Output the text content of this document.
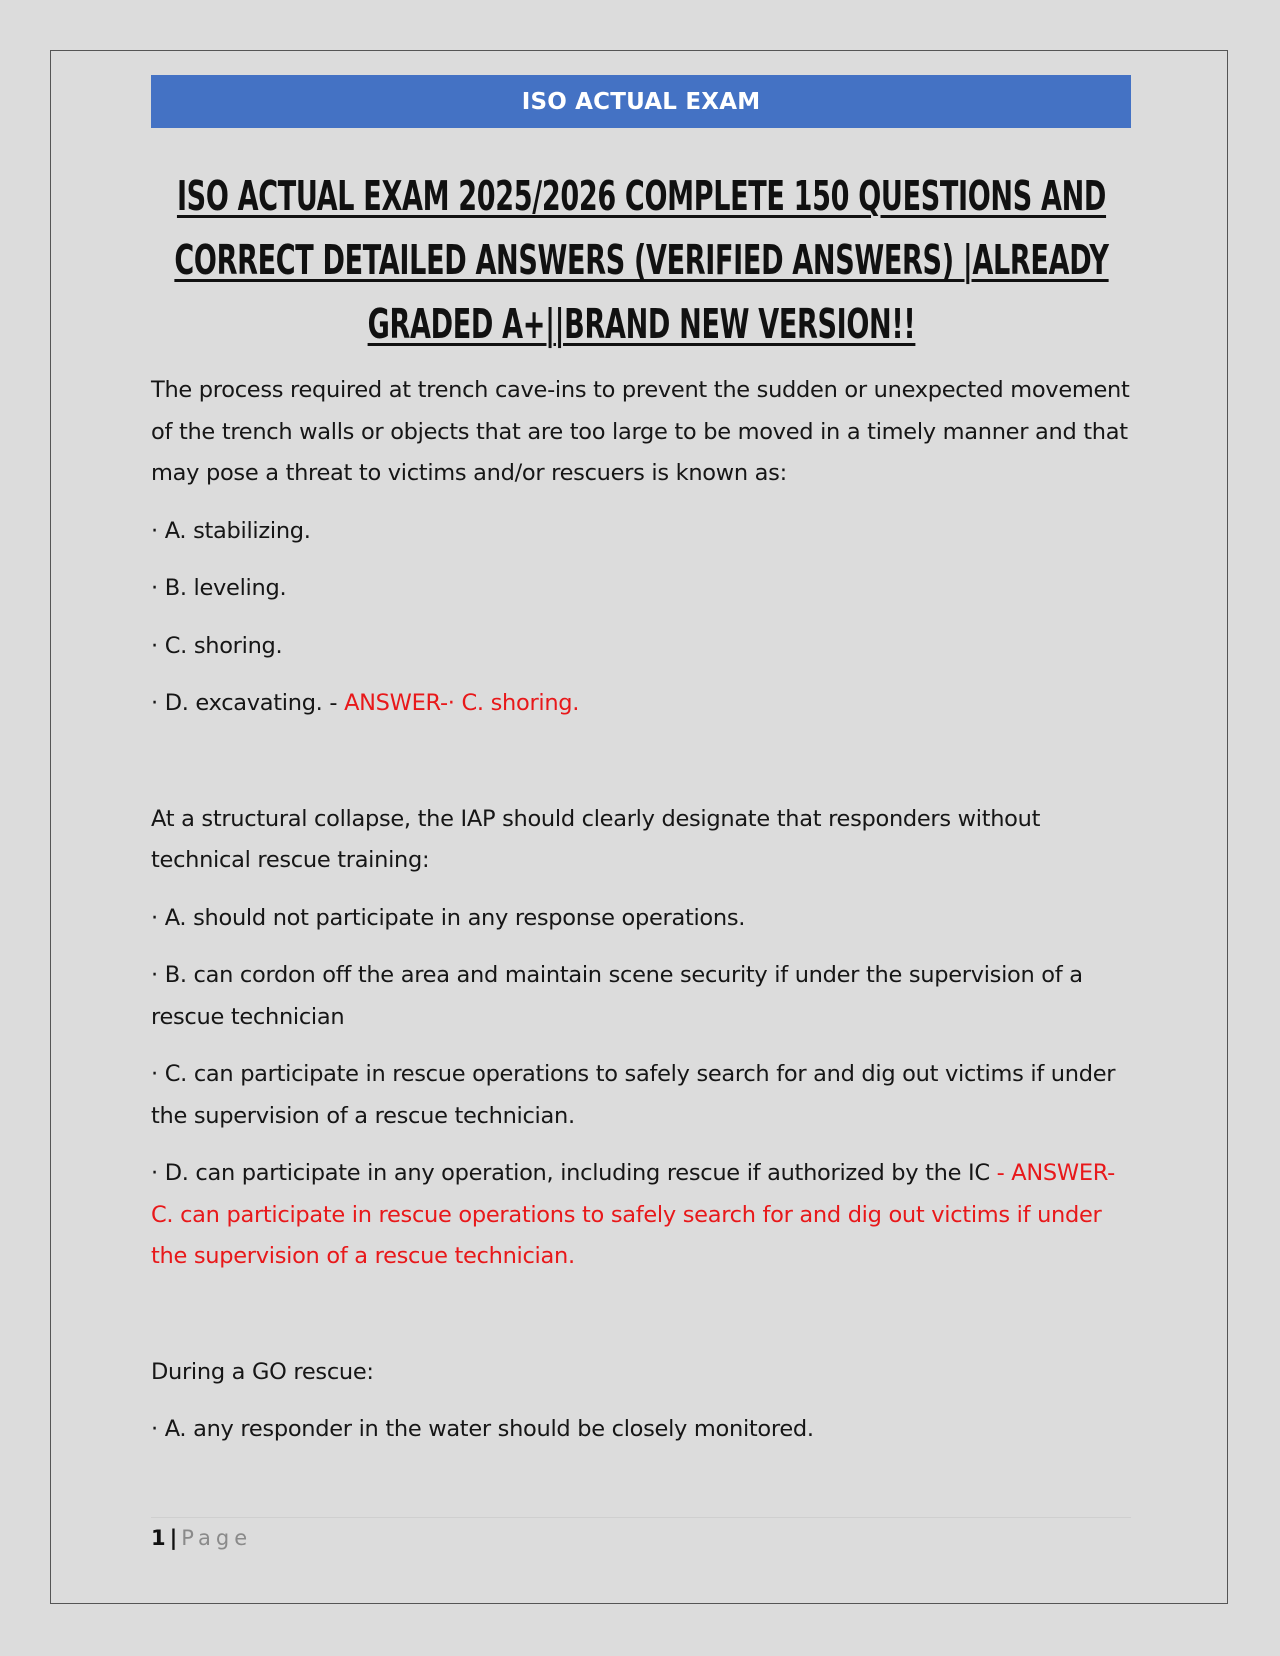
ISO ACTUAL EXAM
ISO ACTUAL EXAM 2025/2026 COMPLETE 150 QUESTIONS AND
CORRECT DETAILED ANSWERS (VERIFIED ANSWERS) |ALREADY
GRADED A+||BRAND NEW VERSION!!

The process required at trench cave-ins to prevent the sudden or unexpected movement of the trench walls or objects that are too large to be moved in a timely manner and that may pose a threat to victims and/or rescuers is known as:

· A. stabilizing.

· B. leveling.

· C. shoring.

· D. excavating. - ANSWER-· C. shoring.

At a structural collapse, the IAP should clearly designate that responders without technical rescue training:

· A. should not participate in any response operations.

· B. can cordon off the area and maintain scene security if under the supervision of a rescue technician

· C. can participate in rescue operations to safely search for and dig out victims if under the supervision of a rescue technician.

· D. can participate in any operation, including rescue if authorized by the IC - ANSWER-C. can participate in rescue operations to safely search for and dig out victims if under the supervision of a rescue technician.

During a GO rescue:

· A. any responder in the water should be closely monitored.

1 | Page
